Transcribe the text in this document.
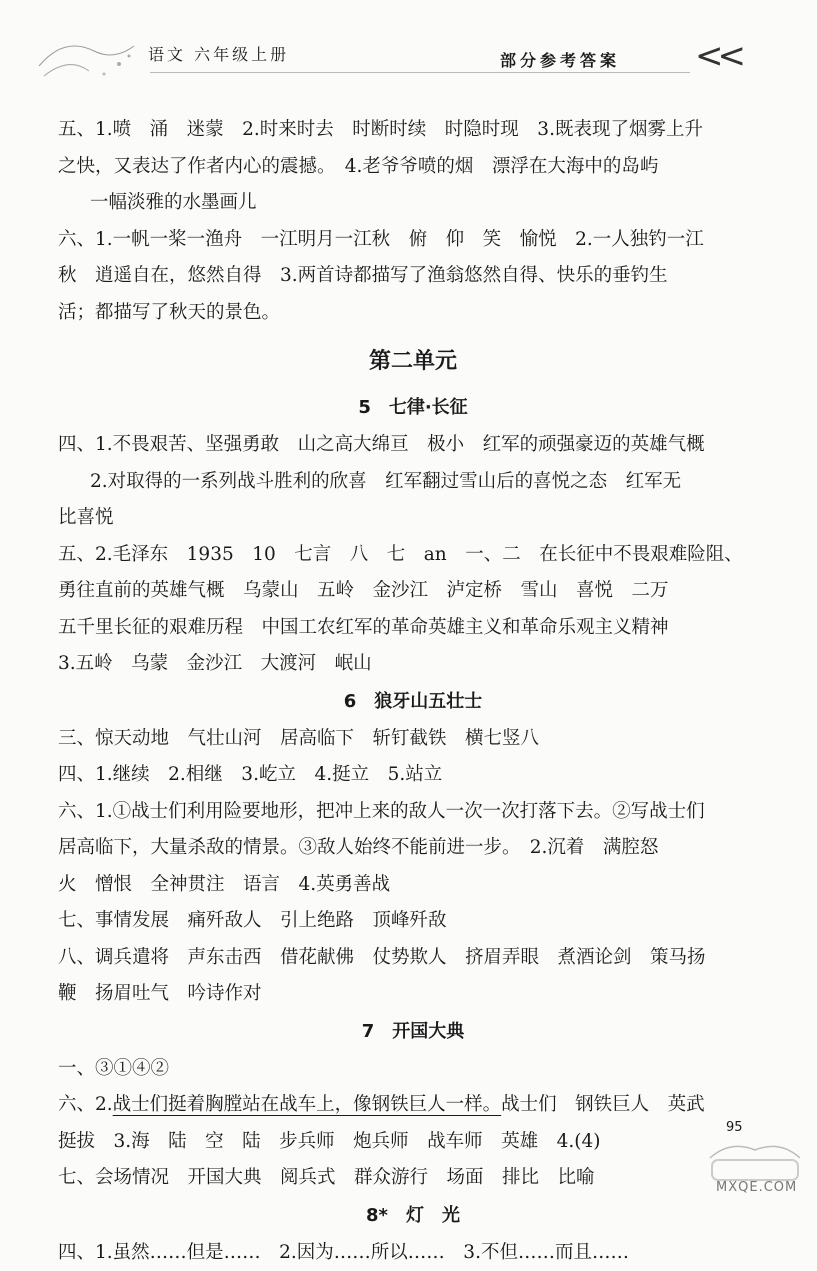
语文 六年级上册	部分参考答案 <<
五、1.喷　涌　迷蒙　2.时来时去　时断时续　时隐时现　3.既表现了烟雾上升
之快，又表达了作者内心的震撼。　4.老爷爷喷的烟　漂浮在大海中的岛屿
一幅淡雅的水墨画儿
六、1.一帆一桨一渔舟　一江明月一江秋　俯　仰　笑　愉悦　2.一人独钓一江
秋　逍遥自在，悠然自得　3.两首诗都描写了渔翁悠然自得、快乐的垂钓生
活；都描写了秋天的景色。
第二单元
5　七律·长征
四、1.不畏艰苦、坚强勇敢　山之高大绵亘　极小　红军的顽强豪迈的英雄气概
2.对取得的一系列战斗胜利的欣喜　红军翻过雪山后的喜悦之态　红军无
比喜悦
五、2.毛泽东　1935　10　七言　八　七　an　一、二　在长征中不畏艰难险阻、
勇往直前的英雄气概　乌蒙山　五岭　金沙江　泸定桥　雪山　喜悦　二万
五千里长征的艰难历程　中国工农红军的革命英雄主义和革命乐观主义精神
3.五岭　乌蒙　金沙江　大渡河　岷山
6　狼牙山五壮士
三、惊天动地　气壮山河　居高临下　斩钉截铁　横七竖八
四、1.继续　2.相继　3.屹立　4.挺立　5.站立
六、1.①战士们利用险要地形，把冲上来的敌人一次一次打落下去。②写战士们
居高临下，大量杀敌的情景。③敌人始终不能前进一步。　2.沉着　满腔怒
火　憎恨　全神贯注　语言　4.英勇善战
七、事情发展　痛歼敌人　引上绝路　顶峰歼敌
八、调兵遣将　声东击西　借花献佛　仗势欺人　挤眉弄眼　煮酒论剑　策马扬
鞭　扬眉吐气　吟诗作对
7　开国大典
一、③①④②
六、2.战士们挺着胸膛站在战车上，像钢铁巨人一样。战士们　钢铁巨人　英武
挺拔　3.海　陆　空　陆　步兵师　炮兵师　战车师　英雄　4.(4)
七、会场情况　开国大典　阅兵式　群众游行　场面　排比　比喻
8*　灯　光
四、1.虽然……但是……　2.因为……所以……　3.不但……而且……
95
MXQE.COM
